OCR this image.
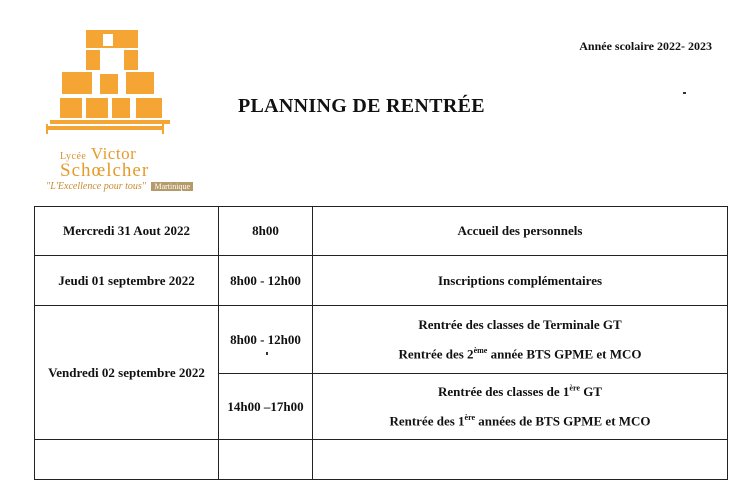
Lycée Victor
Schœlcher
"L'Excellence pour tous" Martinique
Année scolaire 2022- 2023
PLANNING DE RENTRÉE
Mercredi 31 Aout 2022	8h00	Accueil des personnels
Jeudi 01 septembre 2022	8h00 - 12h00	Inscriptions complémentaires
Vendredi 02 septembre 2022	8h00 - 12h00	Rentrée des classes de Terminale GT
Rentrée des 2ème année BTS GPME et MCO

	14h00 –17h00	Rentrée des classes de 1ère GT
Rentrée des 1ère années de BTS GPME et MCO
